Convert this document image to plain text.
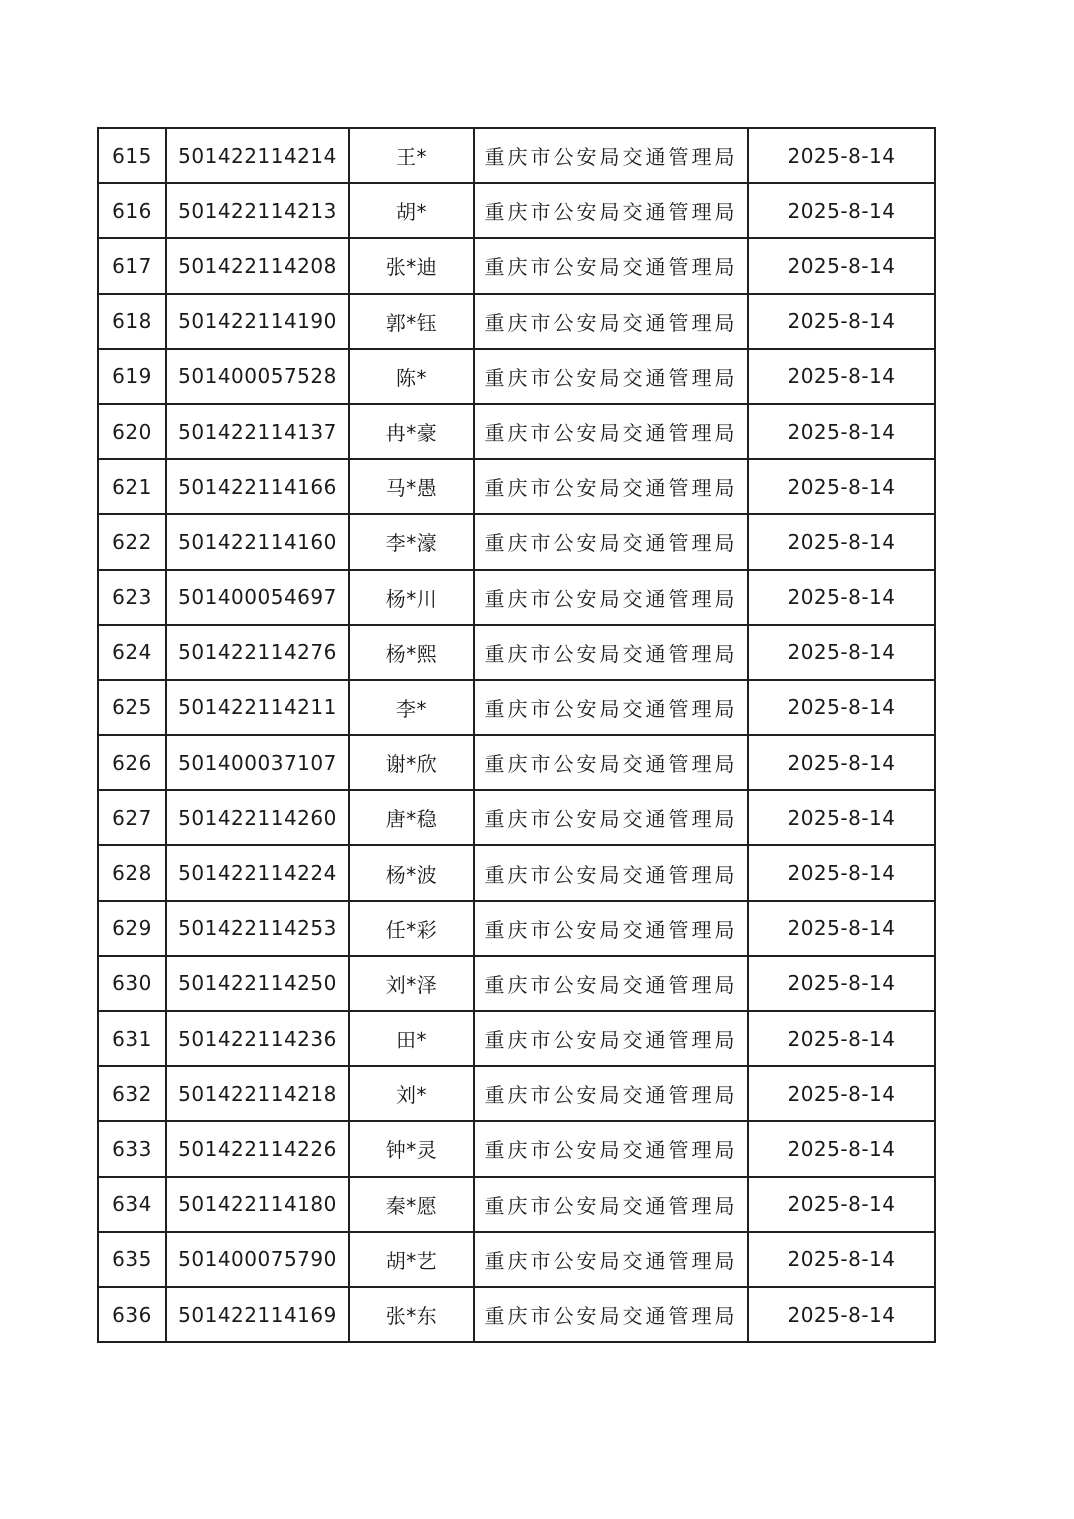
615	501422114214	王*	重庆市公安局交通管理局	2025-8-14
616	501422114213	胡*	重庆市公安局交通管理局	2025-8-14
617	501422114208	张*迪	重庆市公安局交通管理局	2025-8-14
618	501422114190	郭*钰	重庆市公安局交通管理局	2025-8-14
619	501400057528	陈*	重庆市公安局交通管理局	2025-8-14
620	501422114137	冉*豪	重庆市公安局交通管理局	2025-8-14
621	501422114166	马*愚	重庆市公安局交通管理局	2025-8-14
622	501422114160	李*濠	重庆市公安局交通管理局	2025-8-14
623	501400054697	杨*川	重庆市公安局交通管理局	2025-8-14
624	501422114276	杨*熙	重庆市公安局交通管理局	2025-8-14
625	501422114211	李*	重庆市公安局交通管理局	2025-8-14
626	501400037107	谢*欣	重庆市公安局交通管理局	2025-8-14
627	501422114260	唐*稳	重庆市公安局交通管理局	2025-8-14
628	501422114224	杨*波	重庆市公安局交通管理局	2025-8-14
629	501422114253	任*彩	重庆市公安局交通管理局	2025-8-14
630	501422114250	刘*泽	重庆市公安局交通管理局	2025-8-14
631	501422114236	田*	重庆市公安局交通管理局	2025-8-14
632	501422114218	刘*	重庆市公安局交通管理局	2025-8-14
633	501422114226	钟*灵	重庆市公安局交通管理局	2025-8-14
634	501422114180	秦*愿	重庆市公安局交通管理局	2025-8-14
635	501400075790	胡*艺	重庆市公安局交通管理局	2025-8-14
636	501422114169	张*东	重庆市公安局交通管理局	2025-8-14
